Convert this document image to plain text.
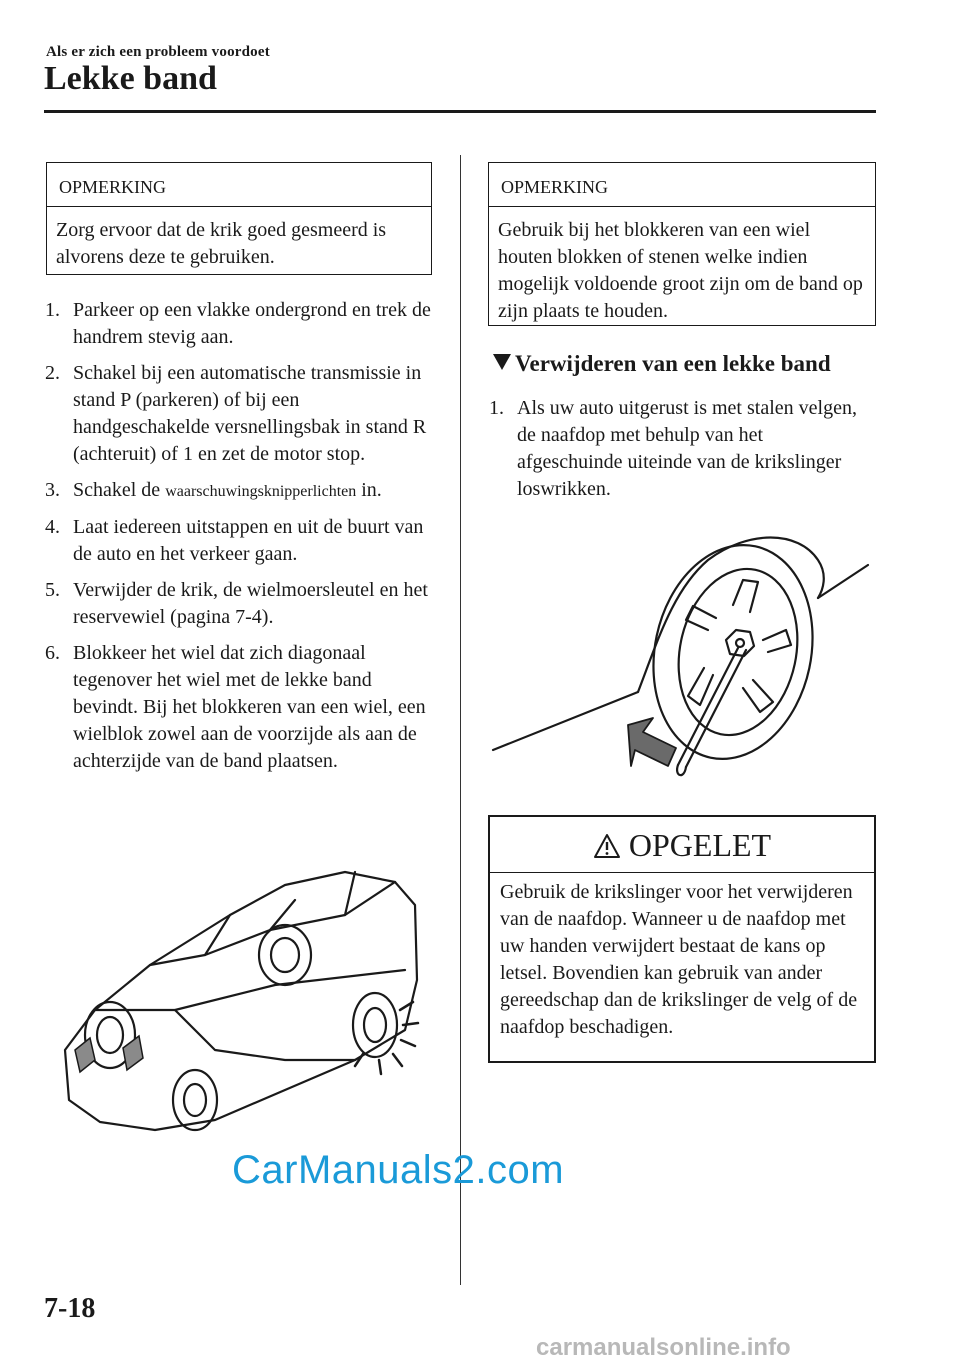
Als er zich een probleem voordoet
Lekke band
OPMERKING
Zorg ervoor dat de krik goed gesmeerd is alvorens deze te gebruiken.
1. Parkeer op een vlakke ondergrond en trek de handrem stevig aan.
2. Schakel bij een automatische transmissie in stand P (parkeren) of bij een handgeschakelde versnellingsbak in stand R (achteruit) of 1 en zet de motor stop.
3. Schakel de waarschuwingsknipperlichten in.
4. Laat iedereen uitstappen en uit de buurt van de auto en het verkeer gaan.
5. Verwijder de krik, de wielmoersleutel en het reservewiel (pagina 7-4).
6. Blokkeer het wiel dat zich diagonaal tegenover het wiel met de lekke band bevindt. Bij het blokkeren van een wiel, een wielblok zowel aan de voorzijde als aan de achterzijde van de band plaatsen.
OPMERKING
Gebruik bij het blokkeren van een wiel houten blokken of stenen welke indien mogelijk voldoende groot zijn om de band op zijn plaats te houden.
Verwijderen van een lekke band
1. Als uw auto uitgerust is met stalen velgen, de naafdop met behulp van het afgeschuinde uiteinde van de krikslinger loswrikken.
OPGELET
Gebruik de krikslinger voor het verwijderen van de naafdop. Wanneer u de naafdop met uw handen verwijdert bestaat de kans op letsel. Bovendien kan gebruik van ander gereedschap dan de krikslinger de velg of de naafdop beschadigen.
7-18
CarManuals2.com
carmanualsonline.info
